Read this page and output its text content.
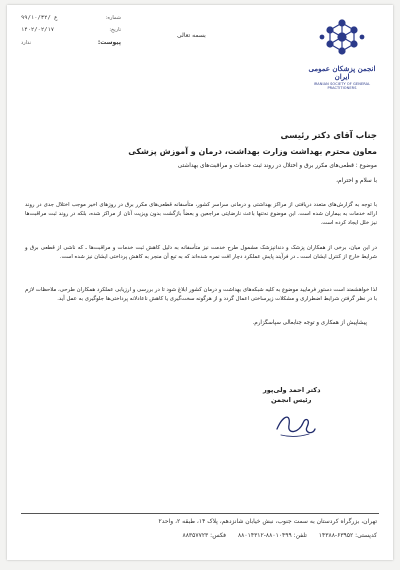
شماره:
۹۹/۱۰/۳۲/ ع
تاریخ:
۱۴۰۲/۰۲/۱۷
پیوست:
ندارد
بسمه تعالی
انجمن پزشکان عمومی ایران
IRANIAN SOCIETY OF GENERAL PRACTITIONERS
جناب آقای دکتر رئیسی
معاون محترم بهداشت وزارت بهداشت، درمان و آموزش پزشکی
موضوع : قطعی‌های مکرر برق و اختلال در روند ثبت خدمات و مراقبت‌های بهداشتی
با سلام و احترام،
با توجه به گزارش‌های متعدد دریافتی از مراکز بهداشتی و درمانی سراسر کشور، متأسفانه قطعی‌های مکرر برق در روزهای اخیر موجب اختلال جدی در روند ارائه خدمات به بیماران شده است. این موضوع نه‌تنها باعث نارضایتی مراجعین و بعضاً بازگشت بدون ویزیت آنان از مراکز شده، بلکه در روند ثبت مراقبت‌ها نیز خلل ایجاد کرده است.
در این میان، برخی از همکاران پزشک و دندانپزشک مشمول طرح خدمت نیز متأسفانه به دلیل کاهش ثبت خدمات و مراقبت‌ها ـ که ناشی از قطعی برق و شرایط خارج از کنترل ایشان است ـ در فرآیند پایش عملکرد دچار افت نمره شده‌اند که به تبع آن منجر به کاهش پرداختی ایشان نیز شده است.
لذا خواهشمند است دستور فرمایید موضوع به کلیه شبکه‌های بهداشت و درمان کشور ابلاغ شود تا در بررسی و ارزیابی عملکرد همکاران طرحی، ملاحظات لازم با در نظر گرفتن شرایط اضطراری و مشکلات زیرساختی اعمال گردد و از هرگونه سخت‌گیری یا کاهش ناعادلانه پرداختی‌ها جلوگیری به عمل آید.
پیشاپیش از همکاری و توجه جنابعالی سپاسگزارم.
دکتر احمد ولی‌پور
رئیس انجمن
تهران، بزرگراه کردستان به سمت جنوب، نبش خیابان شانزدهم، پلاک ۱۴، طبقه ۲، واحد۲
کدپستی: ۶۳۹۵۲-۱۴۳۸۸ تلفن: ۸۸۰۱۰۴۹۹-۸۸۰۱۴۳۱۲ فکس: ۸۸۳۵۷۷۲۳
